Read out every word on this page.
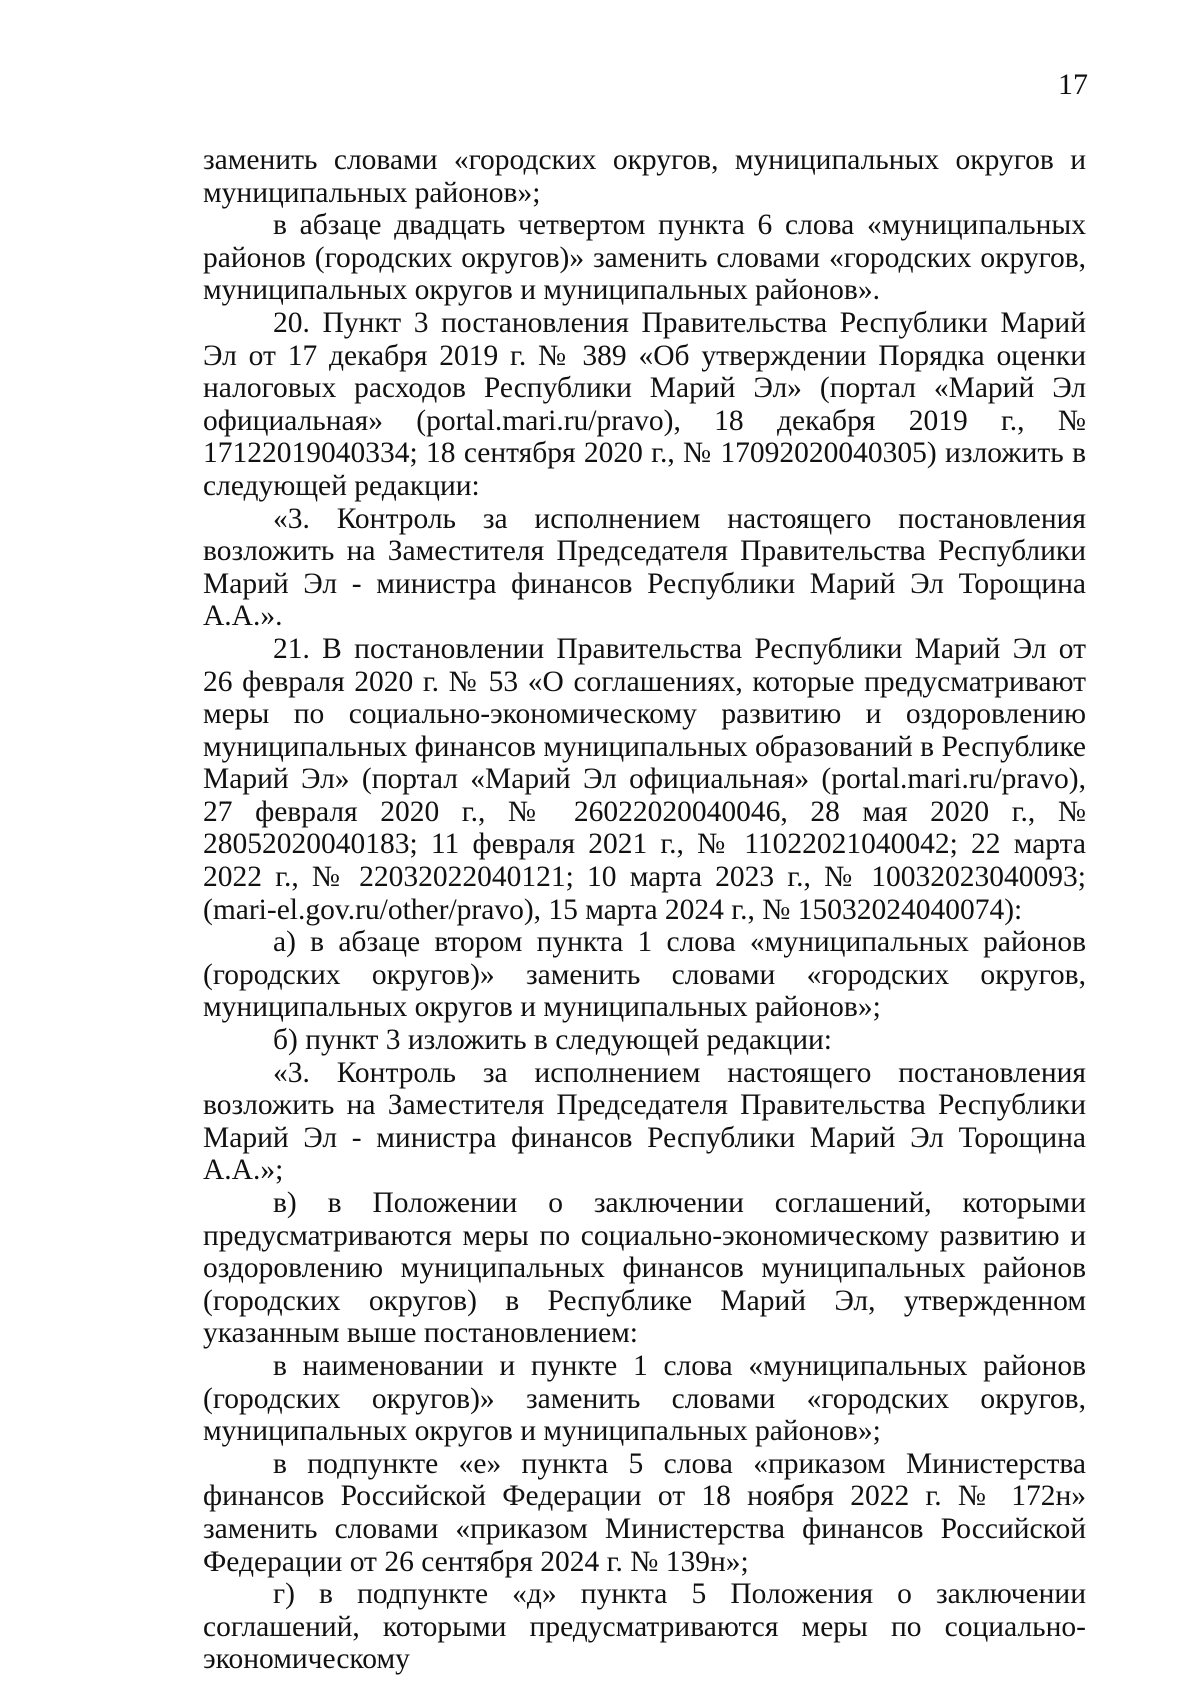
17

заменить словами «городских округов, муниципальных округов и муниципальных районов»;

в абзаце двадцать четвертом пункта 6 слова «муниципальных районов (городских округов)» заменить словами «городских округов, муниципальных округов и муниципальных районов».

20. Пункт 3 постановления Правительства Республики Марий Эл от 17 декабря 2019 г. № 389 «Об утверждении Порядка оценки налоговых расходов Республики Марий Эл» (портал «Марий Эл официальная» (portal.mari.ru/pravo), 18 декабря 2019 г., № 17122019040334; 18 сентября 2020 г., № 17092020040305) изложить в следующей редакции:

«3. Контроль за исполнением настоящего постановления возложить на Заместителя Председателя Правительства Республики Марий Эл - министра финансов Республики Марий Эл Торощина А.А.».

21. В постановлении Правительства Республики Марий Эл от 26 февраля 2020 г. № 53 «О соглашениях, которые предусматривают меры по социально-экономическому развитию и оздоровлению муниципальных финансов муниципальных образований в Республике Марий Эл» (портал «Марий Эл официальная» (portal.mari.ru/pravo), 27 февраля 2020 г., № 26022020040046, 28 мая 2020 г., № 28052020040183; 11 февраля 2021 г., № 11022021040042; 22 марта 2022 г., № 22032022040121; 10 марта 2023 г., № 10032023040093; (mari-el.gov.ru/other/pravo), 15 марта 2024 г., № 15032024040074):

а) в абзаце втором пункта 1 слова «муниципальных районов (городских округов)» заменить словами «городских округов, муниципальных округов и муниципальных районов»;

б) пункт 3 изложить в следующей редакции:

«3. Контроль за исполнением настоящего постановления возложить на Заместителя Председателя Правительства Республики Марий Эл - министра финансов Республики Марий Эл Торощина А.А.»;

в) в Положении о заключении соглашений, которыми предусматриваются меры по социально-экономическому развитию и оздоровлению муниципальных финансов муниципальных районов (городских округов) в Республике Марий Эл, утвержденном указанным выше постановлением:

в наименовании и пункте 1 слова «муниципальных районов (городских округов)» заменить словами «городских округов, муниципальных округов и муниципальных районов»;

в подпункте «е» пункта 5 слова «приказом Министерства финансов Российской Федерации от 18 ноября 2022 г. № 172н» заменить словами «приказом Министерства финансов Российской Федерации от 26 сентября 2024 г. № 139н»;

г) в подпункте «д» пункта 5 Положения о заключении соглашений, которыми предусматриваются меры по социально-экономическому
